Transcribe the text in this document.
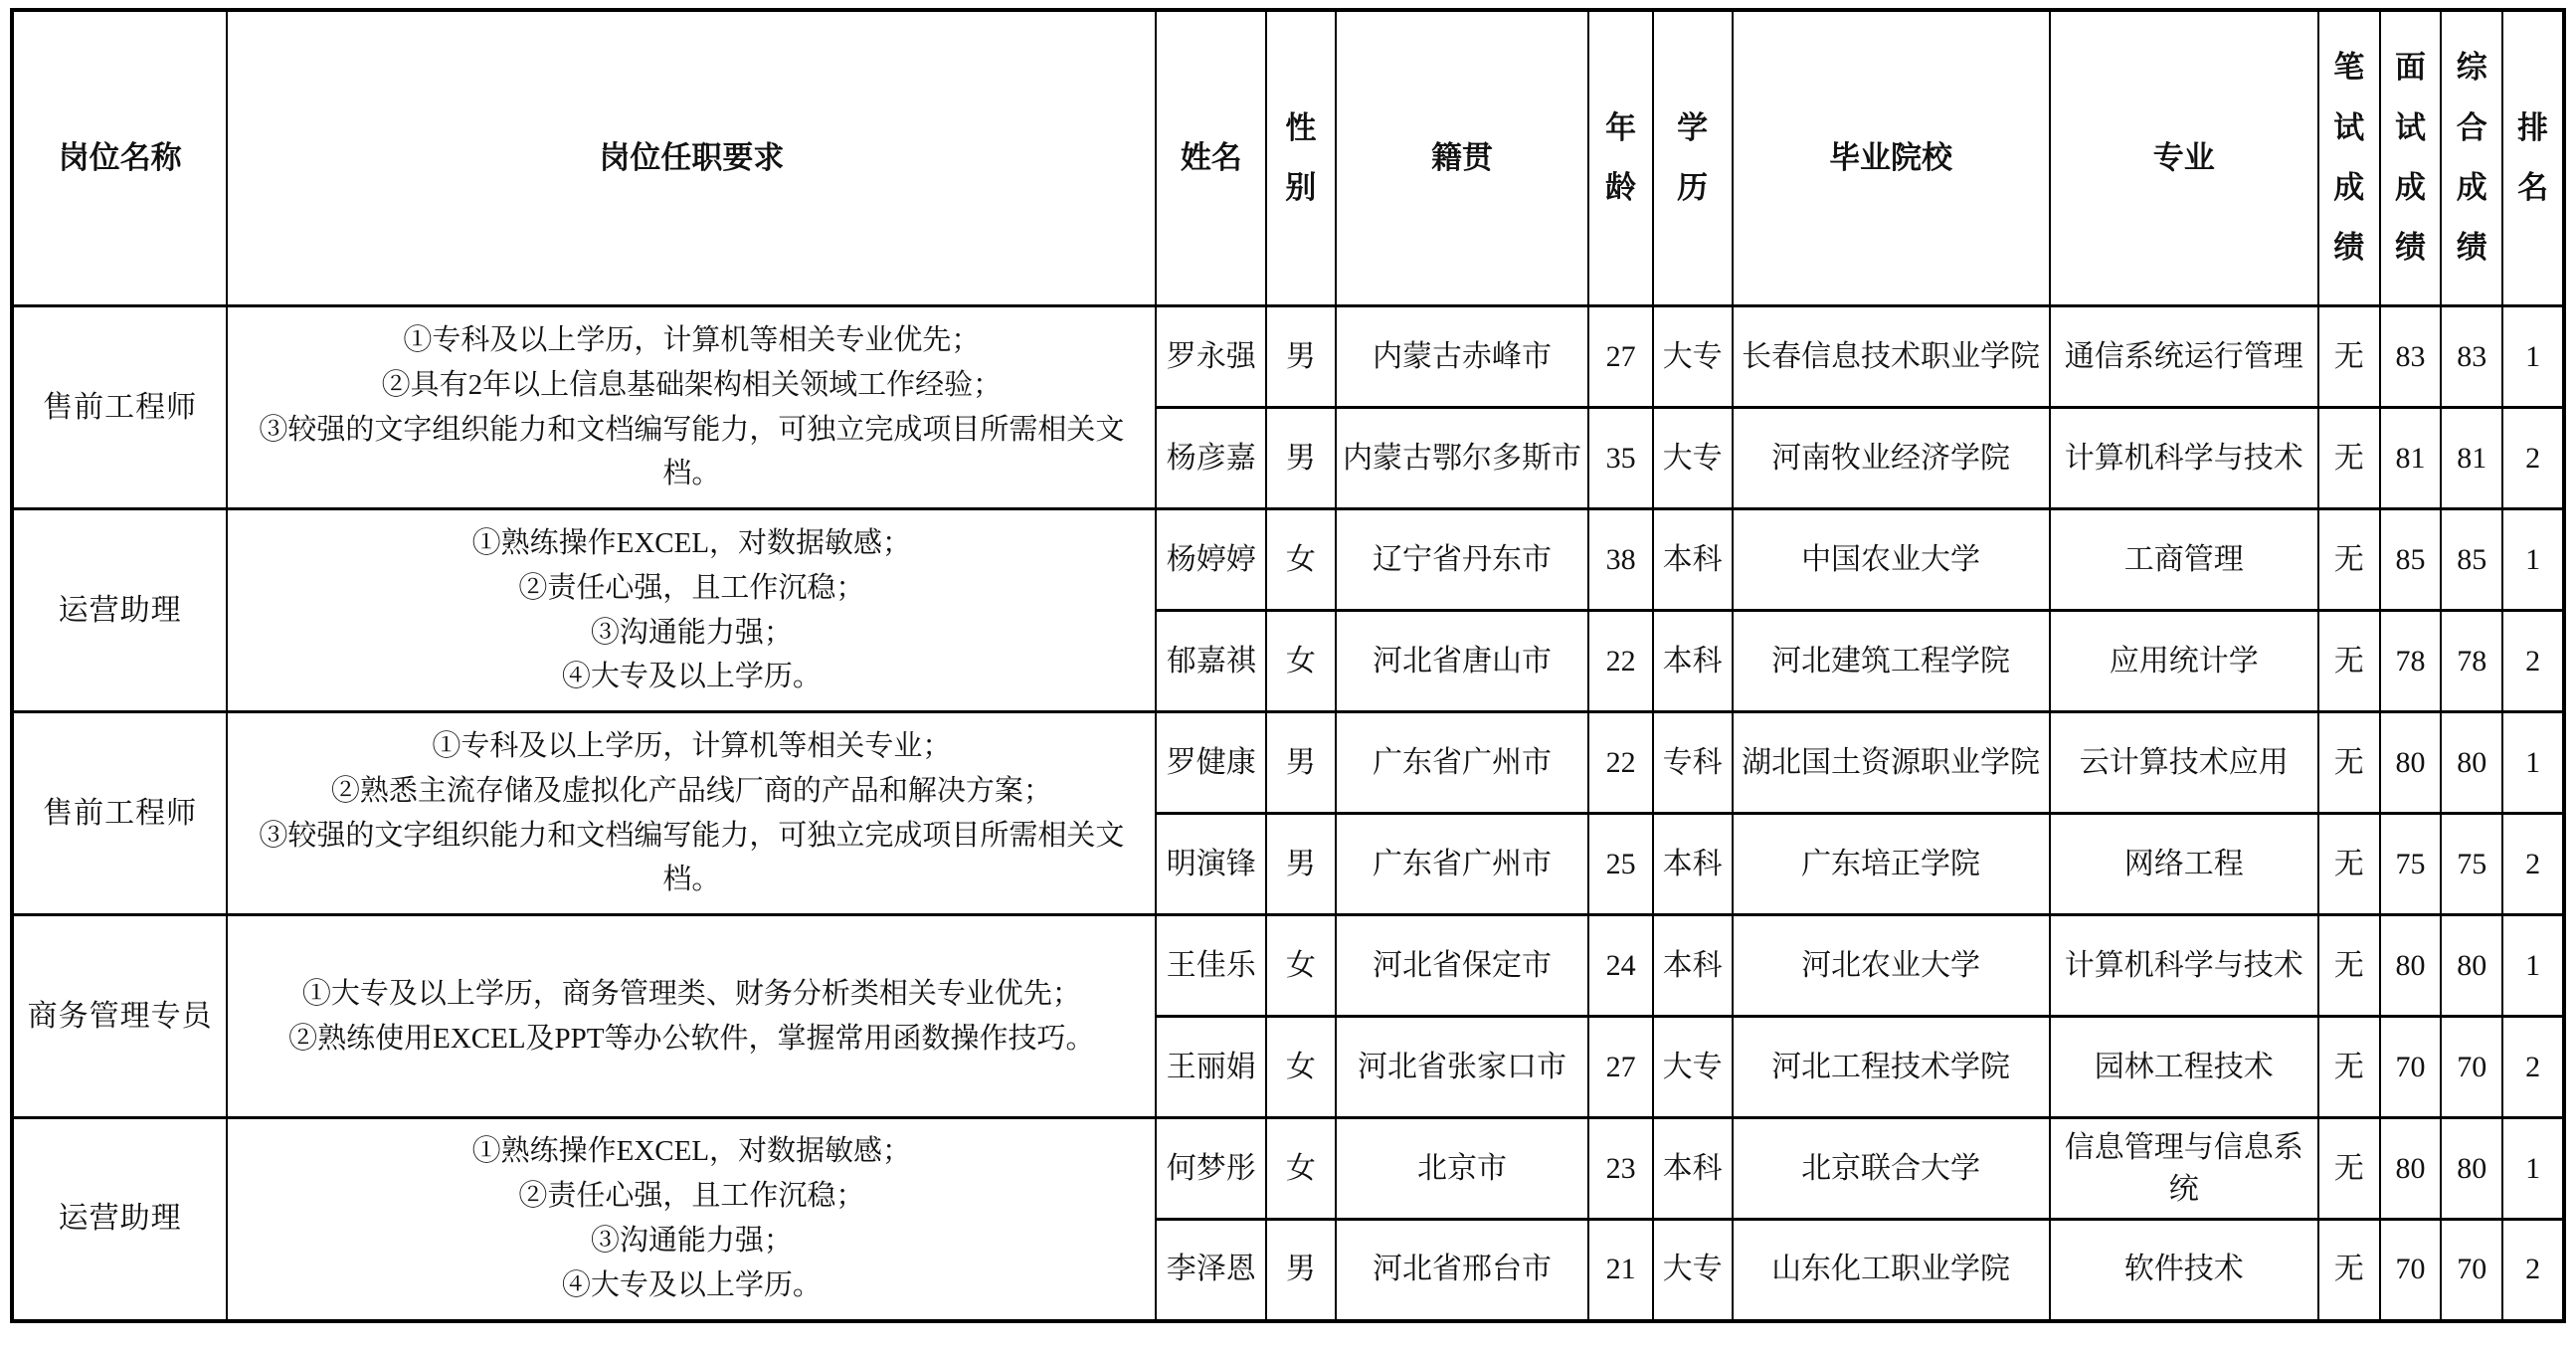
岗位名称	岗位任职要求	姓名	性别	籍贯	年龄	学历	毕业院校	专业	笔试成绩	面试成绩	综合成绩	排名

售前工程师	①专科及以上学历，计算机等相关专业优先；
②具有2年以上信息基础架构相关领域工作经验；
③较强的文字组织能力和文档编写能力，可独立完成项目所需相关文档。	罗永强	男	内蒙古赤峰市	27	大专	长春信息技术职业学院	通信系统运行管理	无	83	83	1
		杨彦嘉	男	内蒙古鄂尔多斯市	35	大专	河南牧业经济学院	计算机科学与技术	无	81	81	2
运营助理	①熟练操作EXCEL，对数据敏感；
②责任心强，且工作沉稳；
③沟通能力强；
④大专及以上学历。	杨婷婷	女	辽宁省丹东市	38	本科	中国农业大学	工商管理	无	85	85	1
		郁嘉祺	女	河北省唐山市	22	本科	河北建筑工程学院	应用统计学	无	78	78	2
售前工程师	①专科及以上学历，计算机等相关专业；
②熟悉主流存储及虚拟化产品线厂商的产品和解决方案；
③较强的文字组织能力和文档编写能力，可独立完成项目所需相关文档。	罗健康	男	广东省广州市	22	专科	湖北国土资源职业学院	云计算技术应用	无	80	80	1
		明演锋	男	广东省广州市	25	本科	广东培正学院	网络工程	无	75	75	2
商务管理专员	①大专及以上学历，商务管理类、财务分析类相关专业优先；
②熟练使用EXCEL及PPT等办公软件，掌握常用函数操作技巧。	王佳乐	女	河北省保定市	24	本科	河北农业大学	计算机科学与技术	无	80	80	1
		王丽娟	女	河北省张家口市	27	大专	河北工程技术学院	园林工程技术	无	70	70	2
运营助理	①熟练操作EXCEL，对数据敏感；
②责任心强，且工作沉稳；
③沟通能力强；
④大专及以上学历。	何梦彤	女	北京市	23	本科	北京联合大学	信息管理与信息系统	无	80	80	1
		李泽恩	男	河北省邢台市	21	大专	山东化工职业学院	软件技术	无	70	70	2
